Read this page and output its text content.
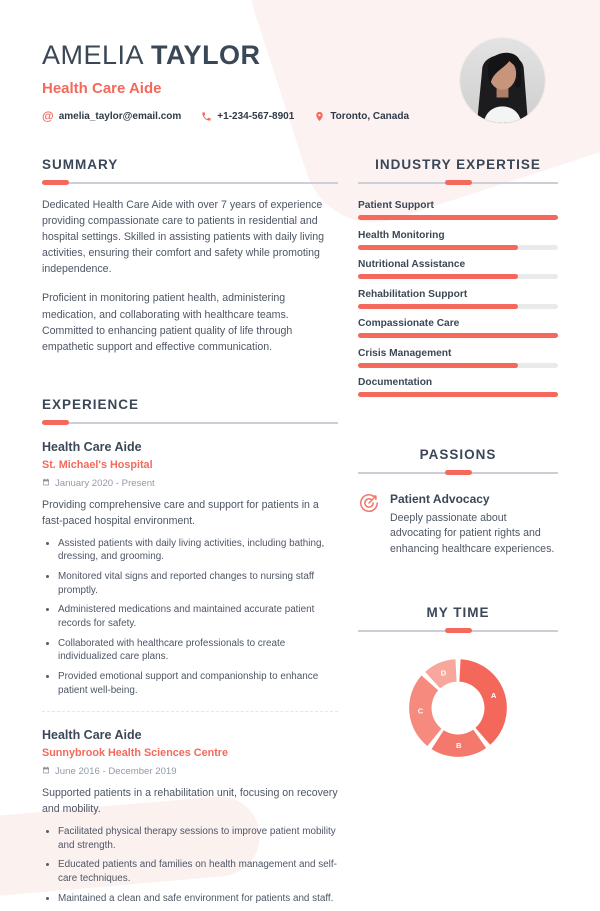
AMELIA TAYLOR
Health Care Aide
@ amelia_taylor@email.com	+1-234-567-8901	Toronto, Canada
SUMMARY

Dedicated Health Care Aide with over 7 years of experience providing compassionate care to patients in residential and hospital settings. Skilled in assisting patients with daily living activities, ensuring their comfort and safety while promoting independence.

Proficient in monitoring patient health, administering medication, and collaborating with healthcare teams. Committed to enhancing patient quality of life through empathetic support and effective communication.

EXPERIENCE
Health Care Aide
St. Michael's Hospital
January 2020 - Present
Providing comprehensive care and support for patients in a fast-paced hospital environment.
• Assisted patients with daily living activities, including bathing, dressing, and grooming.
• Monitored vital signs and reported changes to nursing staff promptly.
• Administered medications and maintained accurate patient records for safety.
• Collaborated with healthcare professionals to create individualized care plans.
• Provided emotional support and companionship to enhance patient well-being.
Health Care Aide
Sunnybrook Health Sciences Centre
June 2016 - December 2019
Supported patients in a rehabilitation unit, focusing on recovery and mobility.
• Facilitated physical therapy sessions to improve patient mobility and strength.
• Educated patients and families on health management and self-care techniques.
• Maintained a clean and safe environment for patients and staff.
INDUSTRY EXPERTISE
Patient Support
Health Monitoring
Nutritional Assistance
Rehabilitation Support
Compassionate Care
Crisis Management
Documentation
PASSIONS
Patient Advocacy
Deeply passionate about advocating for patient rights and enhancing healthcare experiences.
MY TIME
A
B
C
D
